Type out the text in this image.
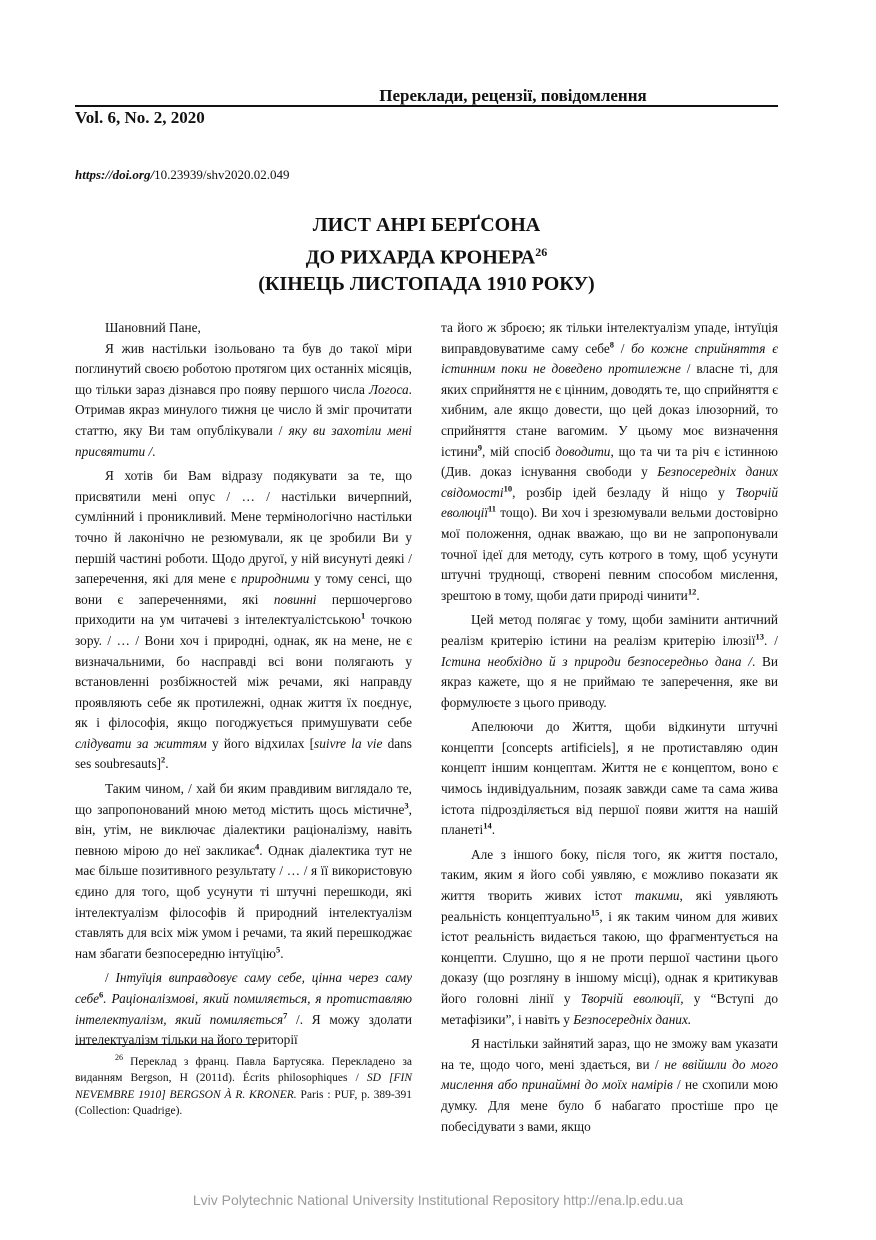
Переклади, рецензії, повідомлення
Vol. 6, No. 2, 2020
https://doi.org/10.23939/shv2020.02.049
ЛИСТ АНРІ БЕРҐСОНА
ДО РИХАРДА КРОНЕРА$^{26}$
(КІНЕЦЬ ЛИСТОПАДА 1910 РОКУ)

Шановний Пане,

Я жив настільки ізольовано та був до такої міри поглинутий своєю роботою протягом цих останніх місяців, що тільки зараз дізнався про появу першого числа Логоса. Отримав якраз минулого тижня це число й зміг прочитати статтю, яку Ви там опублікували / яку ви захотіли мені присвятити /.

Я хотів би Вам відразу подякувати за те, що присвятили мені опус / … / настільки вичерпний, сумлінний і проникливий. Мене термінологічно настільки точно й лаконічно не резюмували, як це зробили Ви у першій частині роботи. Щодо другої, у ній висунуті деякі / заперечення, які для мене є природними у тому сенсі, що вони є запереченнями, які повинні першочергово приходити на ум читачеві з інтелектуалістською$^1$ точкою зору. / … / Вони хоч і природні, однак, як на мене, не є визначальними, бо насправді всі вони полягають у встановленні розбіжностей між речами, які направду проявляють себе як протилежні, однак життя їх поєднує, як і філософія, якщо погоджується примушувати себе слідувати за життям у його відхилах [suivre la vie dans ses soubresauts]$^2$.

Таким чином, / хай би яким правдивим виглядало те, що запропонований мною метод містить щось містичне$^3$, він, утім, не виключає діалектики раціоналізму, навіть певною мірою до неї закликає$^4$. Однак діалектика тут не має більше позитивного результату / … / я її використовую єдино для того, щоб усунути ті штучні перешкоди, які інтелектуалізм філософів й природний інтелектуалізм ставлять для всіх між умом і речами, та який перешкоджає нам збагати безпосередню інтуїцію$^5$.

/ Інтуїція виправдовує саму себе, цінна через саму себе$^6$. Раціоналізмові, який помиляється, я протиставляю інтелектуалізм, який помиляється$^7$ /. Я можу здолати інтелектуалізм тільки на його території

та його ж зброєю; як тільки інтелектуалізм упаде, інтуїція виправдовуватиме саму себе$^8$ / бо кожне сприйняття є істинним поки не доведено протилежне / власне ті, для яких сприйняття не є цінним, доводять те, що сприйняття є хибним, але якщо довести, що цей доказ ілюзорний, то сприйняття стане вагомим. У цьому моє визначення істини$^9$, мій спосіб доводити, що та чи та річ є істинною (Див. доказ існування свободи у Безпосередніх даних свідомості$^{10}$, розбір ідей безладу й ніщо у Творчій еволюції$^{11}$ тощо). Ви хоч і зрезюмували вельми достовірно мої положення, однак вважаю, що ви не запропонували точної ідеї для методу, суть котрого в тому, щоб усунути штучні труднощі, створені певним способом мислення, зрештою в тому, щоби дати природі чинити$^{12}$.

Цей метод полягає у тому, щоби замінити античний реалізм критерію істини на реалізм критерію ілюзії$^{13}$. / Істина необхідно й з природи безпосередньо дана /. Ви якраз кажете, що я не приймаю те заперечення, яке ви формулюєте з цього приводу.

Апелюючи до Життя, щоби відкинути штучні концепти [concepts artificiels], я не протиставляю один концепт іншим концептам. Життя не є концептом, воно є чимось індивідуальним, позаяк завжди саме та сама жива істота підрозділяється від першої появи життя на нашій планеті$^{14}$.

Але з іншого боку, після того, як життя постало, таким, яким я його собі уявляю, є можливо показати як життя творить живих істот такими, які уявляють реальність концептуально$^{15}$, і як таким чином для живих істот реальність видається такою, що фрагментується на концепти. Слушно, що я не проти першої частини цього доказу (що розгляну в іншому місці), однак я критикував його головні лінії у Творчій еволюції, у “Вступі до метафізики”, і навіть у Безпосередніх даних.

Я настільки зайнятий зараз, що не зможу вам указати на те, щодо чого, мені здається, ви / не ввійшли до мого мислення або принаймні до моїх намірів / не схопили мою думку. Для мене було б набагато простіше про це побесідувати з вами, якщо

$^{26}$ Переклад з франц. Павла Бартусяка. Перекладено за виданням Bergson, H (2011d). Écrits philosophiques / SD [FIN NEVEMBRE 1910] BERGSON À R. KRONER. Paris : PUF, p. 389-391 (Collection: Quadrige).
Lviv Polytechnic National University Institutional Repository http://ena.lp.edu.ua
